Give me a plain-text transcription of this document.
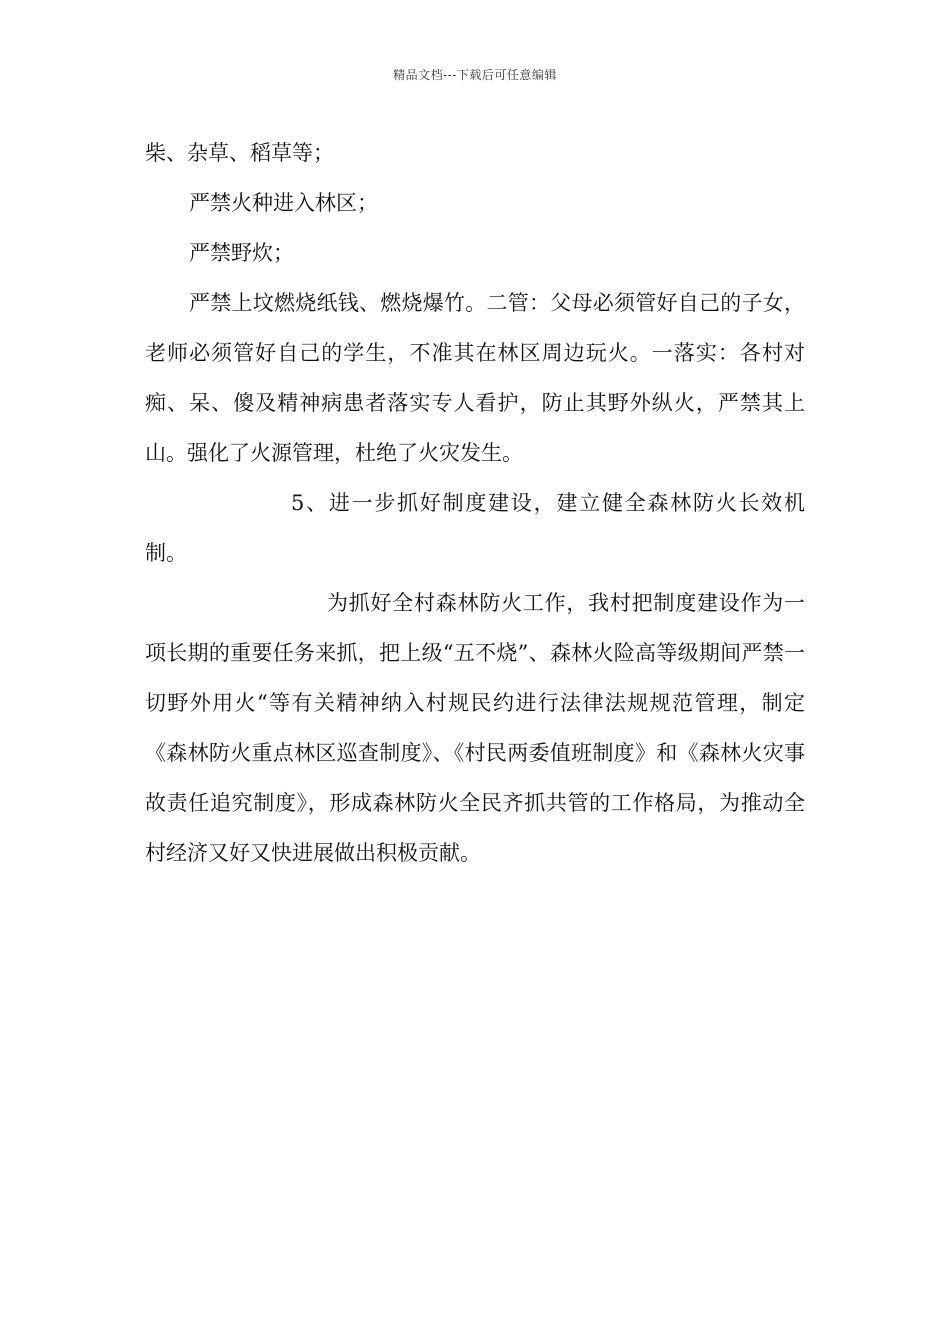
精品文档---下载后可任意编辑

柴、杂草、稻草等；

严禁火种进入林区；

严禁野炊；

严禁上坟燃烧纸钱、燃烧爆竹。二管：父母必须管好自己的子女，老师必须管好自己的学生，不准其在林区周边玩火。一落实：各村对痴、呆、傻及精神病患者落实专人看护，防止其野外纵火，严禁其上山。强化了火源管理，杜绝了火灾发生。

5、进一步抓好制度建设，建立健全森林防火长效机制。

为抓好全村森林防火工作，我村把制度建设作为一项长期的重要任务来抓，把上级“五不烧”、森林火险高等级期间严禁一切野外用火“等有关精神纳入村规民约进行法律法规规范管理，制定《森林防火重点林区巡查制度》、《村民两委值班制度》和《森林火灾事故责任追究制度》，形成森林防火全民齐抓共管的工作格局，为推动全村经济又好又快进展做出积极贡献。
